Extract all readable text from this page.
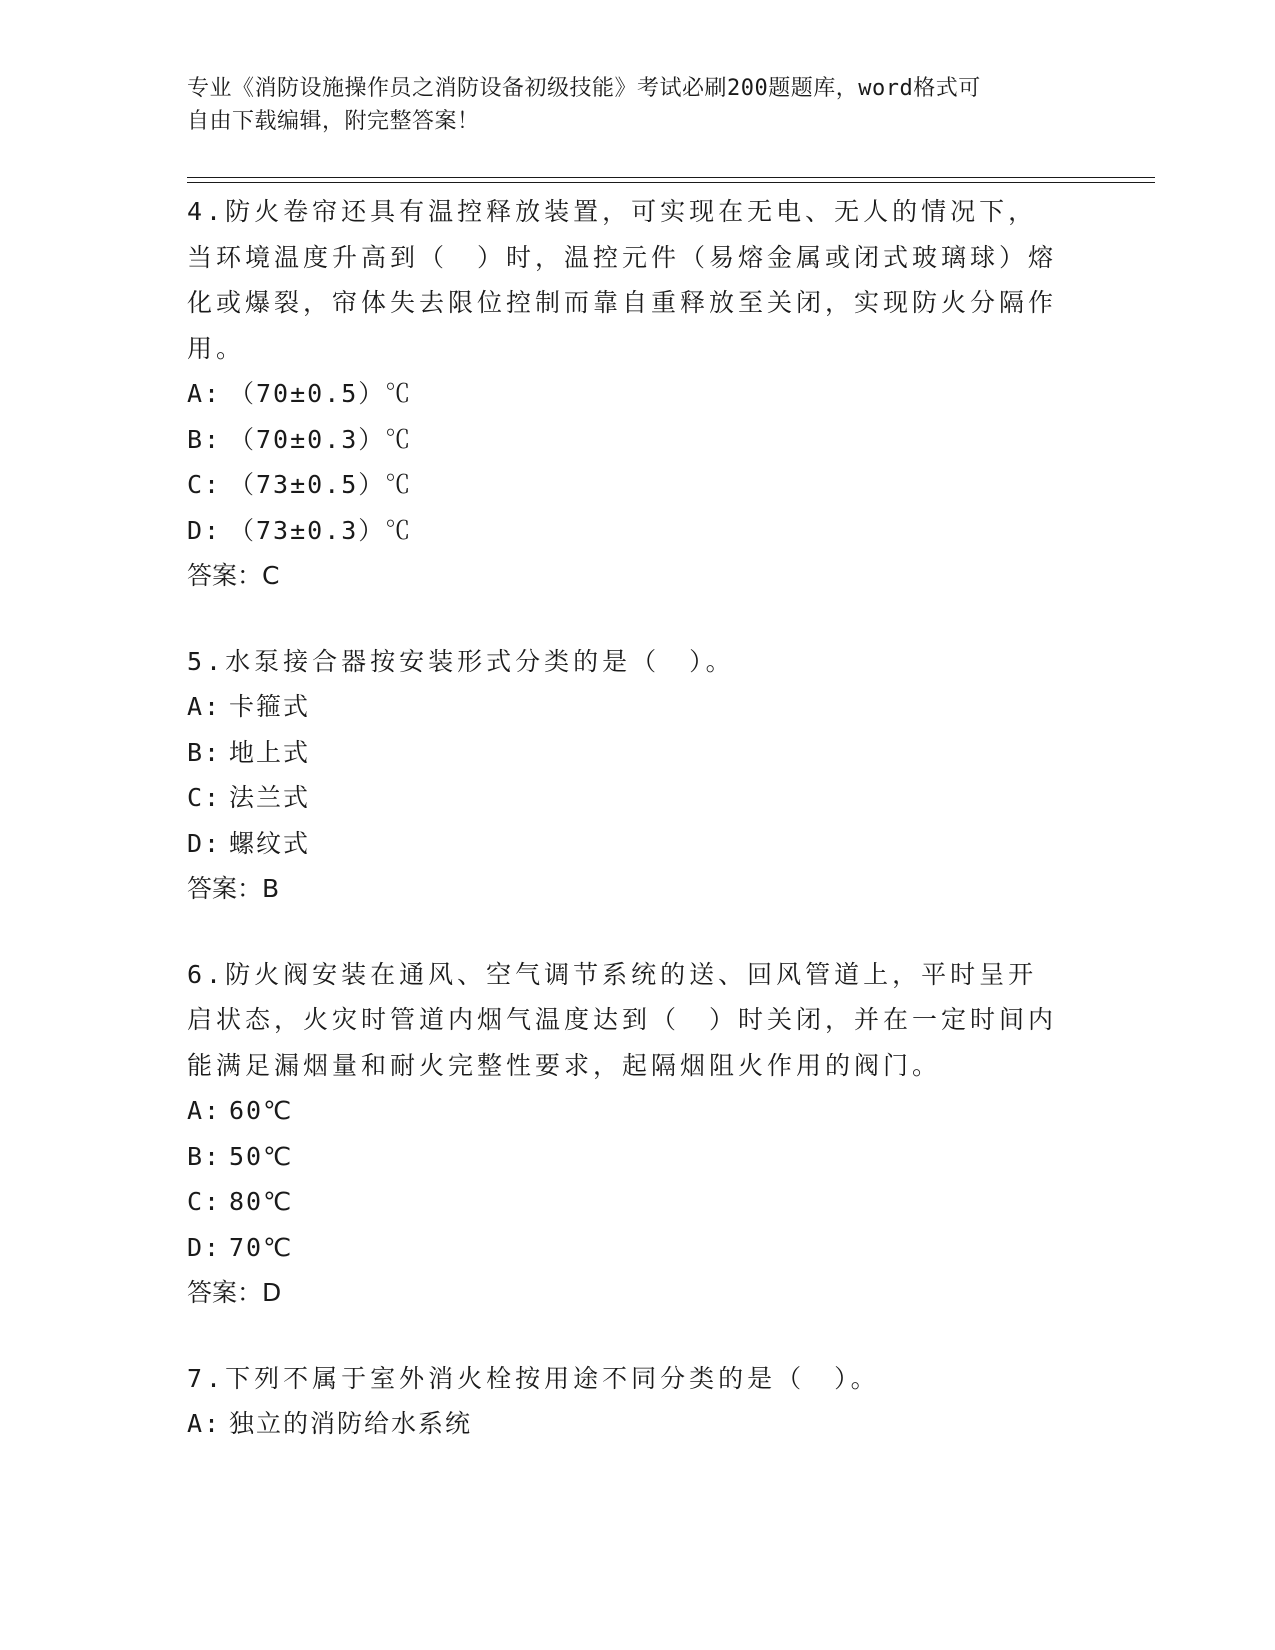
专业《消防设施操作员之消防设备初级技能》考试必刷200题题库，word格式可
自由下载编辑，附完整答案！

4.防火卷帘还具有温控释放装置，可实现在无电、无人的情况下，当环境温度升高到（　）时，温控元件（易熔金属或闭式玻璃球）熔化或爆裂，帘体失去限位控制而靠自重释放至关闭，实现防火分隔作用。

A: （70±0.5）℃

B: （70±0.3）℃

C: （73±0.5）℃

D: （73±0.3）℃

答案：C

5.水泵接合器按安装形式分类的是（　）。

A: 卡箍式

B: 地上式

C: 法兰式

D: 螺纹式

答案：B

6.防火阀安装在通风、空气调节系统的送、回风管道上，平时呈开启状态，火灾时管道内烟气温度达到（　）时关闭，并在一定时间内能满足漏烟量和耐火完整性要求，起隔烟阻火作用的阀门。

A: 60℃

B: 50℃

C: 80℃

D: 70℃

答案：D

7.下列不属于室外消火栓按用途不同分类的是（　）。

A: 独立的消防给水系统
